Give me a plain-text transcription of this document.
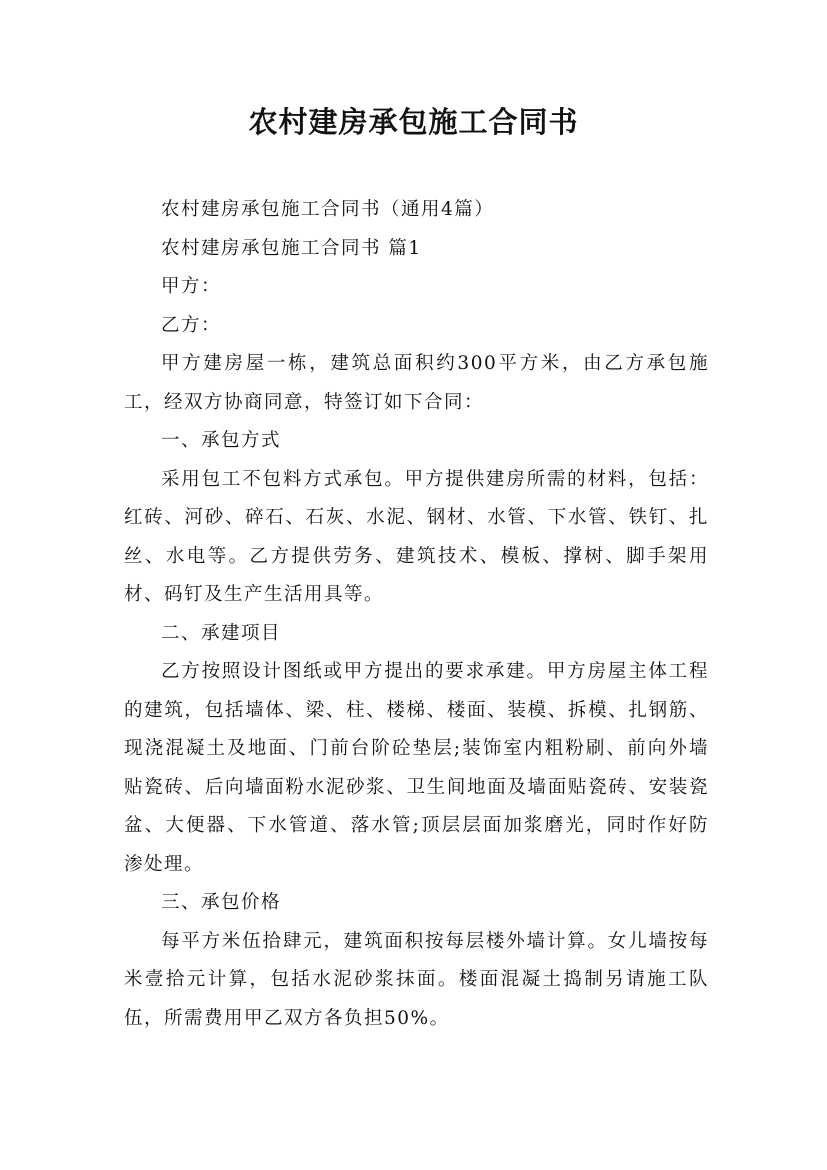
农村建房承包施工合同书

农村建房承包施工合同书（通用4篇）

农村建房承包施工合同书 篇1

甲方：

乙方：

甲方建房屋一栋，建筑总面积约300平方米，由乙方承包施工，经双方协商同意，特签订如下合同：

一、承包方式

采用包工不包料方式承包。甲方提供建房所需的材料，包括：红砖、河砂、碎石、石灰、水泥、钢材、水管、下水管、铁钉、扎丝、水电等。乙方提供劳务、建筑技术、模板、撑树、脚手架用材、码钉及生产生活用具等。

二、承建项目

乙方按照设计图纸或甲方提出的要求承建。甲方房屋主体工程的建筑，包括墙体、梁、柱、楼梯、楼面、装模、拆模、扎钢筋、现浇混凝土及地面、门前台阶砼垫层;装饰室内粗粉刷、前向外墙贴瓷砖、后向墙面粉水泥砂浆、卫生间地面及墙面贴瓷砖、安装瓷盆、大便器、下水管道、落水管;顶层层面加浆磨光，同时作好防渗处理。

三、承包价格

每平方米伍拾肆元，建筑面积按每层楼外墙计算。女儿墙按每米壹拾元计算，包括水泥砂浆抹面。楼面混凝土捣制另请施工队伍，所需费用甲乙双方各负担50%。
